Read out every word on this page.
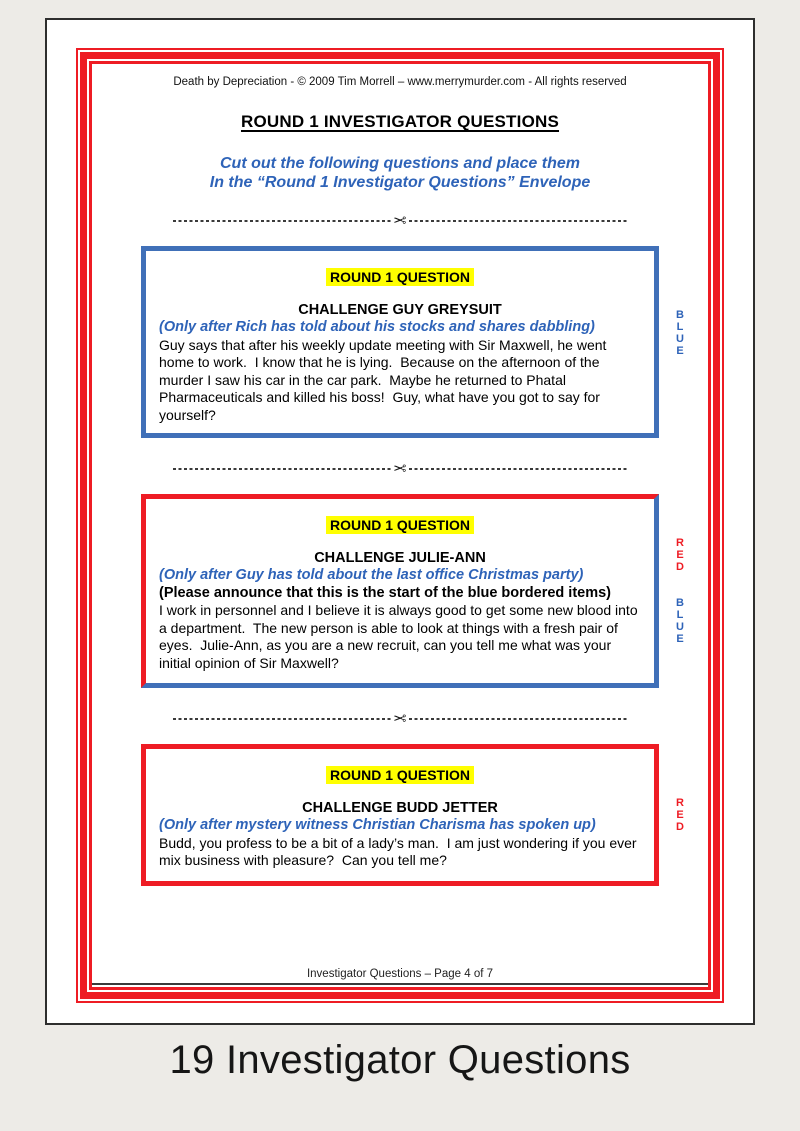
Death by Depreciation - © 2009 Tim Morrell – www.merrymurder.com - All rights reserved
ROUND 1 INVESTIGATOR QUESTIONS
Cut out the following questions and place them
In the “Round 1 Investigator Questions” Envelope
✂
ROUND 1 QUESTION
CHALLENGE GUY GREYSUIT
(Only after Rich has told about his stocks and shares dabbling)
Guy says that after his weekly update meeting with Sir Maxwell, he went home to work.  I know that he is lying.  Because on the afternoon of the murder I saw his car in the car park.  Maybe he returned to Phatal Pharmaceuticals and killed his boss!  Guy, what have you got to say for yourself?
BLUE
✂
ROUND 1 QUESTION
CHALLENGE JULIE-ANN
(Only after Guy has told about the last office Christmas party)
(Please announce that this is the start of the blue bordered items)
I work in personnel and I believe it is always good to get some new blood into a department.  The new person is able to look at things with a fresh pair of eyes.  Julie-Ann, as you are a new recruit, can you tell me what was your initial opinion of Sir Maxwell?
RED
BLUE
✂
ROUND 1 QUESTION
CHALLENGE BUDD JETTER
(Only after mystery witness Christian Charisma has spoken up)
Budd, you profess to be a bit of a lady’s man.  I am just wondering if you ever mix business with pleasure?  Can you tell me?
RED
Investigator Questions – Page 4 of 7
19 Investigator Questions
